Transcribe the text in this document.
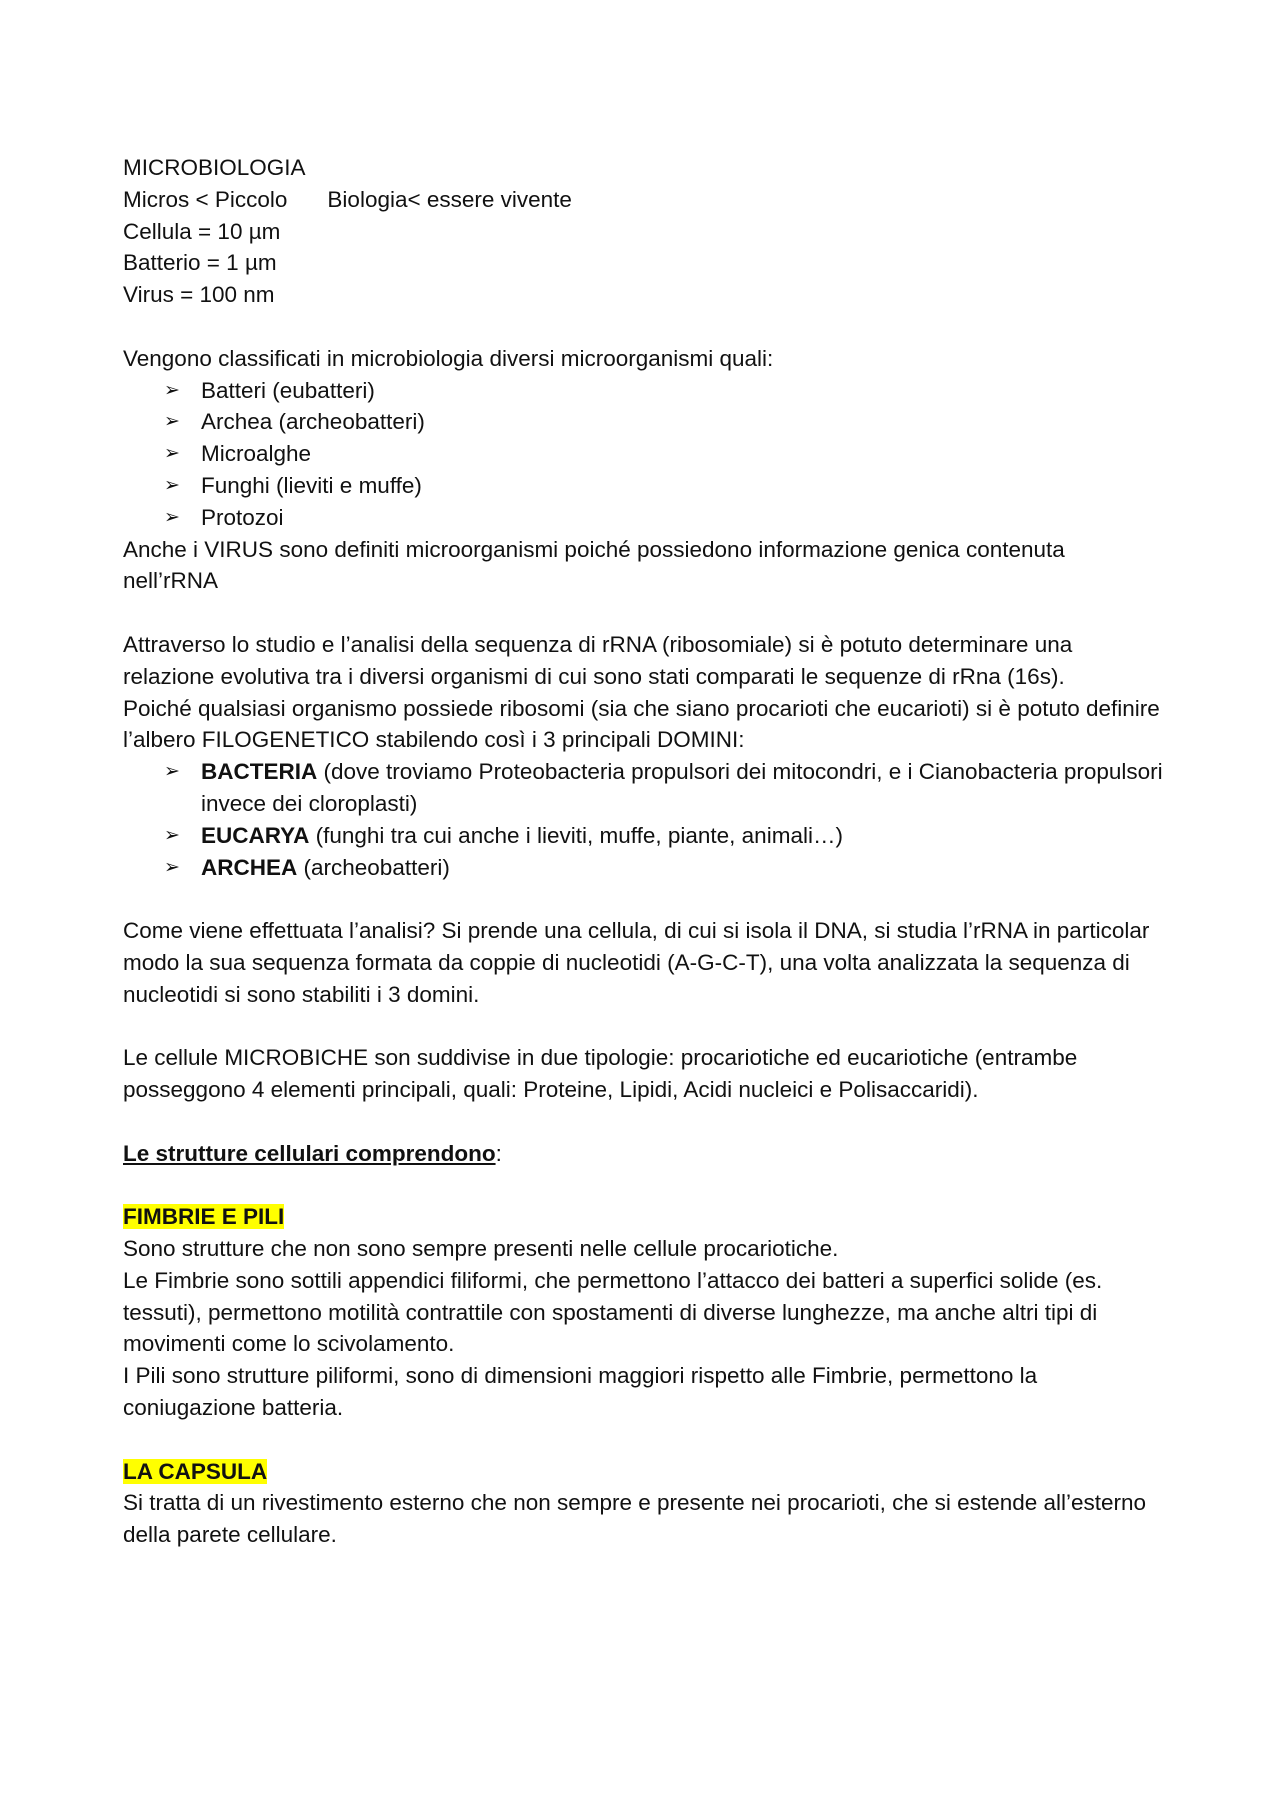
MICROBIOLOGIA

Micros < Piccolo Biologia< essere vivente

Cellula = 10 µm

Batterio = 1 µm

Virus = 100 nm

Vengono classificati in microbiologia diversi microorganismi quali:

➢ Batteri (eubatteri)
➢ Archea (archeobatteri)
➢ Microalghe
➢ Funghi (lieviti e muffe)
➢ Protozoi

Anche i VIRUS sono definiti microorganismi poiché possiedono informazione genica contenuta nell’rRNA

Attraverso lo studio e l’analisi della sequenza di rRNA (ribosomiale) si è potuto determinare una relazione evolutiva tra i diversi organismi di cui sono stati comparati le sequenze di rRna (16s).

Poiché qualsiasi organismo possiede ribosomi (sia che siano procarioti che eucarioti) si è potuto definire l’albero FILOGENETICO stabilendo così i 3 principali DOMINI:

➢ BACTERIA (dove troviamo Proteobacteria propulsori dei mitocondri, e i Cianobacteria propulsori invece dei cloroplasti)
➢ EUCARYA (funghi tra cui anche i lieviti, muffe, piante, animali…)
➢ ARCHEA (archeobatteri)

Come viene effettuata l’analisi? Si prende una cellula, di cui si isola il DNA, si studia l’rRNA in particolar modo la sua sequenza formata da coppie di nucleotidi (A-G-C-T), una volta analizzata la sequenza di nucleotidi si sono stabiliti i 3 domini.

Le cellule MICROBICHE son suddivise in due tipologie: procariotiche ed eucariotiche (entrambe posseggono 4 elementi principali, quali: Proteine, Lipidi, Acidi nucleici e Polisaccaridi).

Le strutture cellulari comprendono:

FIMBRIE E PILI

Sono strutture che non sono sempre presenti nelle cellule procariotiche.

Le Fimbrie sono sottili appendici filiformi, che permettono l’attacco dei batteri a superfici solide (es. tessuti), permettono motilità contrattile con spostamenti di diverse lunghezze, ma anche altri tipi di movimenti come lo scivolamento.

I Pili sono strutture piliformi, sono di dimensioni maggiori rispetto alle Fimbrie, permettono la coniugazione batteria.

LA CAPSULA

Si tratta di un rivestimento esterno che non sempre e presente nei procarioti, che si estende all’esterno della parete cellulare.
